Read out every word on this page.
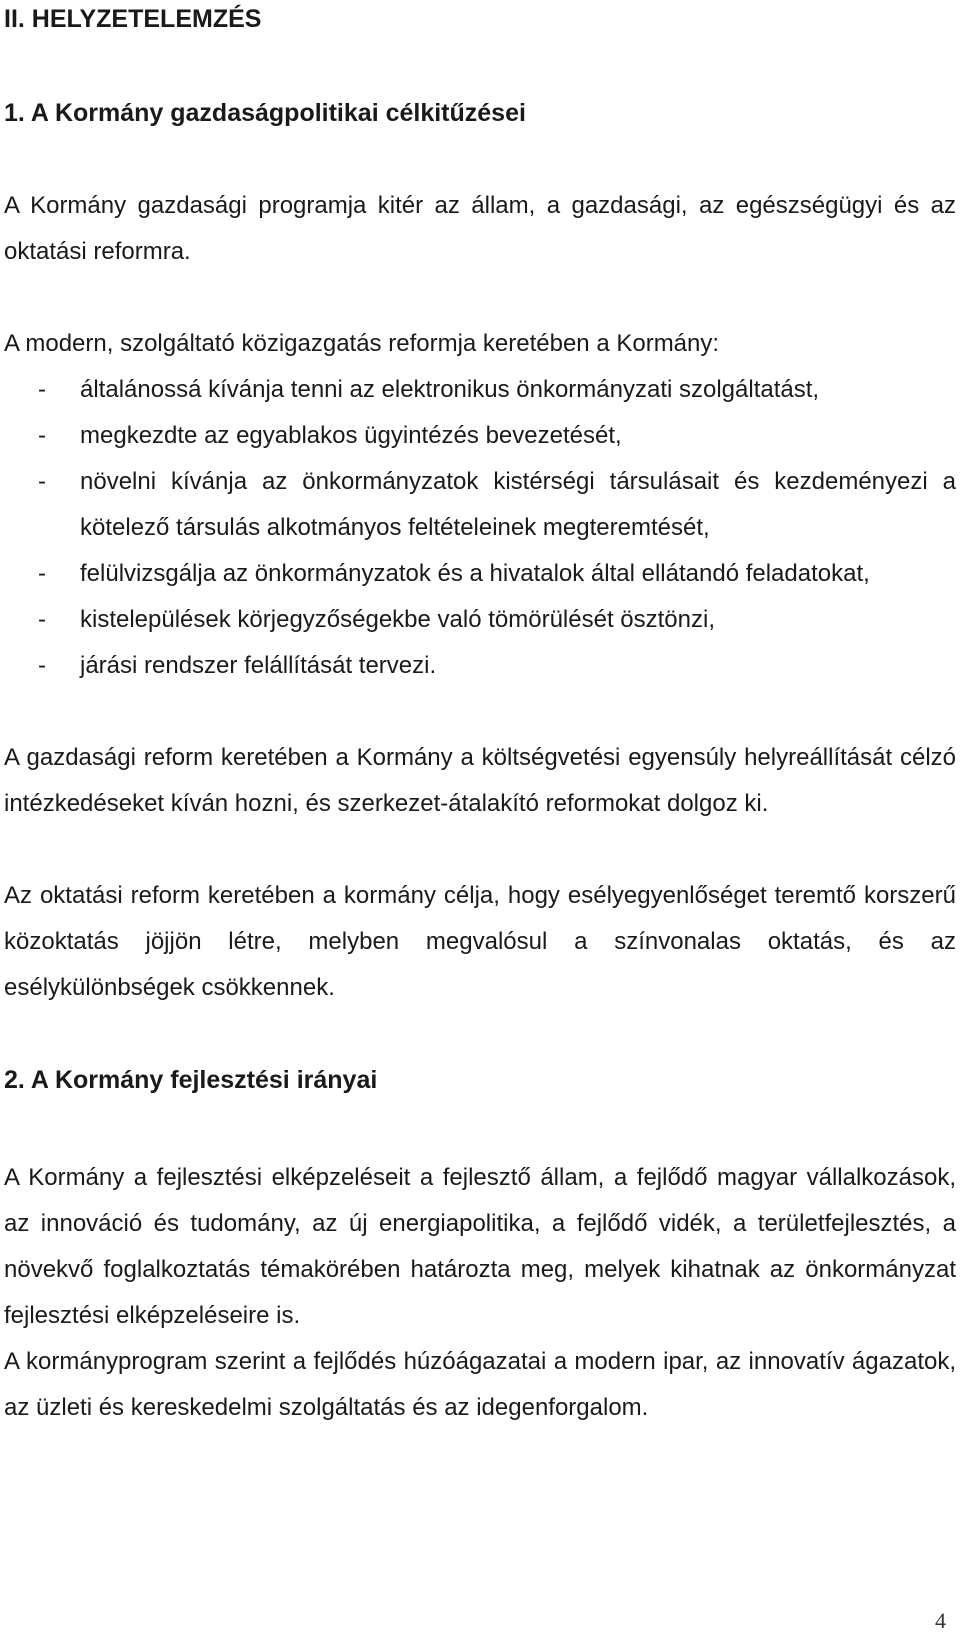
II. HELYZETELEMZÉS
1. A Kormány gazdaságpolitikai célkitűzései

A Kormány gazdasági programja kitér az állam, a gazdasági, az egészségügyi és az oktatási reformra.

A modern, szolgáltató közigazgatás reformja keretében a Kormány:

- általánossá kívánja tenni az elektronikus önkormányzati szolgáltatást,
- megkezdte az egyablakos ügyintézés bevezetését,
- növelni kívánja az önkormányzatok kistérségi társulásait és kezdeményezi a kötelező társulás alkotmányos feltételeinek megteremtését,
- felülvizsgálja az önkormányzatok és a hivatalok által ellátandó feladatokat,
- kistelepülések körjegyzőségekbe való tömörülését ösztönzi,
- járási rendszer felállítását tervezi.

A gazdasági reform keretében a Kormány a költségvetési egyensúly helyreállítását célzó intézkedéseket kíván hozni, és szerkezet-átalakító reformokat dolgoz ki.

Az oktatási reform keretében a kormány célja, hogy esélyegyenlőséget teremtő korszerű közoktatás jöjjön létre, melyben megvalósul a színvonalas oktatás, és az esélykülönbségek csökkennek.

2. A Kormány fejlesztési irányai

A Kormány a fejlesztési elképzeléseit a fejlesztő állam, a fejlődő magyar vállalkozások, az innováció és tudomány, az új energiapolitika, a fejlődő vidék, a területfejlesztés, a növekvő foglalkoztatás témakörében határozta meg, melyek kihatnak az önkormányzat fejlesztési elképzeléseire is.

A kormányprogram szerint a fejlődés húzóágazatai a modern ipar, az innovatív ágazatok, az üzleti és kereskedelmi szolgáltatás és az idegenforgalom.

4
